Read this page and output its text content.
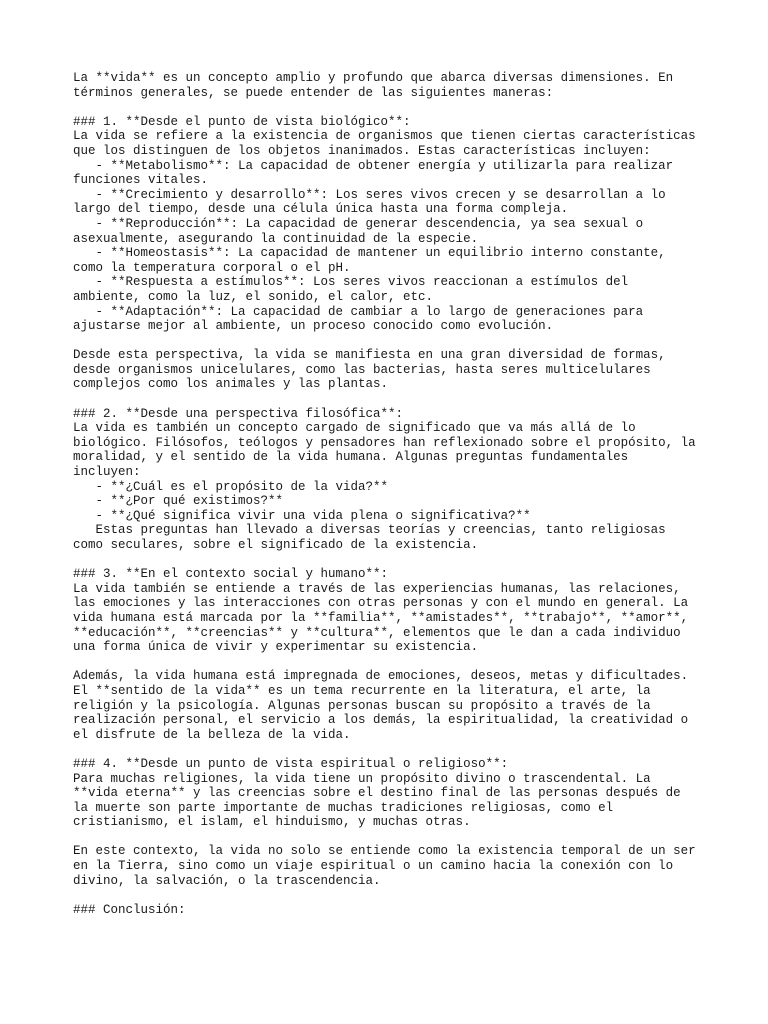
La **vida** es un concepto amplio y profundo que abarca diversas dimensiones. En
términos generales, se puede entender de las siguientes maneras:
### 1. **Desde el punto de vista biológico**:
La vida se refiere a la existencia de organismos que tienen ciertas características
que los distinguen de los objetos inanimados. Estas características incluyen:
- **Metabolismo**: La capacidad de obtener energía y utilizarla para realizar
funciones vitales.
- **Crecimiento y desarrollo**: Los seres vivos crecen y se desarrollan a lo
largo del tiempo, desde una célula única hasta una forma compleja.
- **Reproducción**: La capacidad de generar descendencia, ya sea sexual o
asexualmente, asegurando la continuidad de la especie.
- **Homeostasis**: La capacidad de mantener un equilibrio interno constante,
como la temperatura corporal o el pH.
- **Respuesta a estímulos**: Los seres vivos reaccionan a estímulos del
ambiente, como la luz, el sonido, el calor, etc.
- **Adaptación**: La capacidad de cambiar a lo largo de generaciones para
ajustarse mejor al ambiente, un proceso conocido como evolución.
Desde esta perspectiva, la vida se manifiesta en una gran diversidad de formas,
desde organismos unicelulares, como las bacterias, hasta seres multicelulares
complejos como los animales y las plantas.
### 2. **Desde una perspectiva filosófica**:
La vida es también un concepto cargado de significado que va más allá de lo
biológico. Filósofos, teólogos y pensadores han reflexionado sobre el propósito, la
moralidad, y el sentido de la vida humana. Algunas preguntas fundamentales
incluyen:
- **¿Cuál es el propósito de la vida?**
- **¿Por qué existimos?**
- **¿Qué significa vivir una vida plena o significativa?**
Estas preguntas han llevado a diversas teorías y creencias, tanto religiosas
como seculares, sobre el significado de la existencia.
### 3. **En el contexto social y humano**:
La vida también se entiende a través de las experiencias humanas, las relaciones,
las emociones y las interacciones con otras personas y con el mundo en general. La
vida humana está marcada por la **familia**, **amistades**, **trabajo**, **amor**,
**educación**, **creencias** y **cultura**, elementos que le dan a cada individuo
una forma única de vivir y experimentar su existencia.
Además, la vida humana está impregnada de emociones, deseos, metas y dificultades.
El **sentido de la vida** es un tema recurrente en la literatura, el arte, la
religión y la psicología. Algunas personas buscan su propósito a través de la
realización personal, el servicio a los demás, la espiritualidad, la creatividad o
el disfrute de la belleza de la vida.
### 4. **Desde un punto de vista espiritual o religioso**:
Para muchas religiones, la vida tiene un propósito divino o trascendental. La
**vida eterna** y las creencias sobre el destino final de las personas después de
la muerte son parte importante de muchas tradiciones religiosas, como el
cristianismo, el islam, el hinduismo, y muchas otras.
En este contexto, la vida no solo se entiende como la existencia temporal de un ser
en la Tierra, sino como un viaje espiritual o un camino hacia la conexión con lo
divino, la salvación, o la trascendencia.
### Conclusión:
